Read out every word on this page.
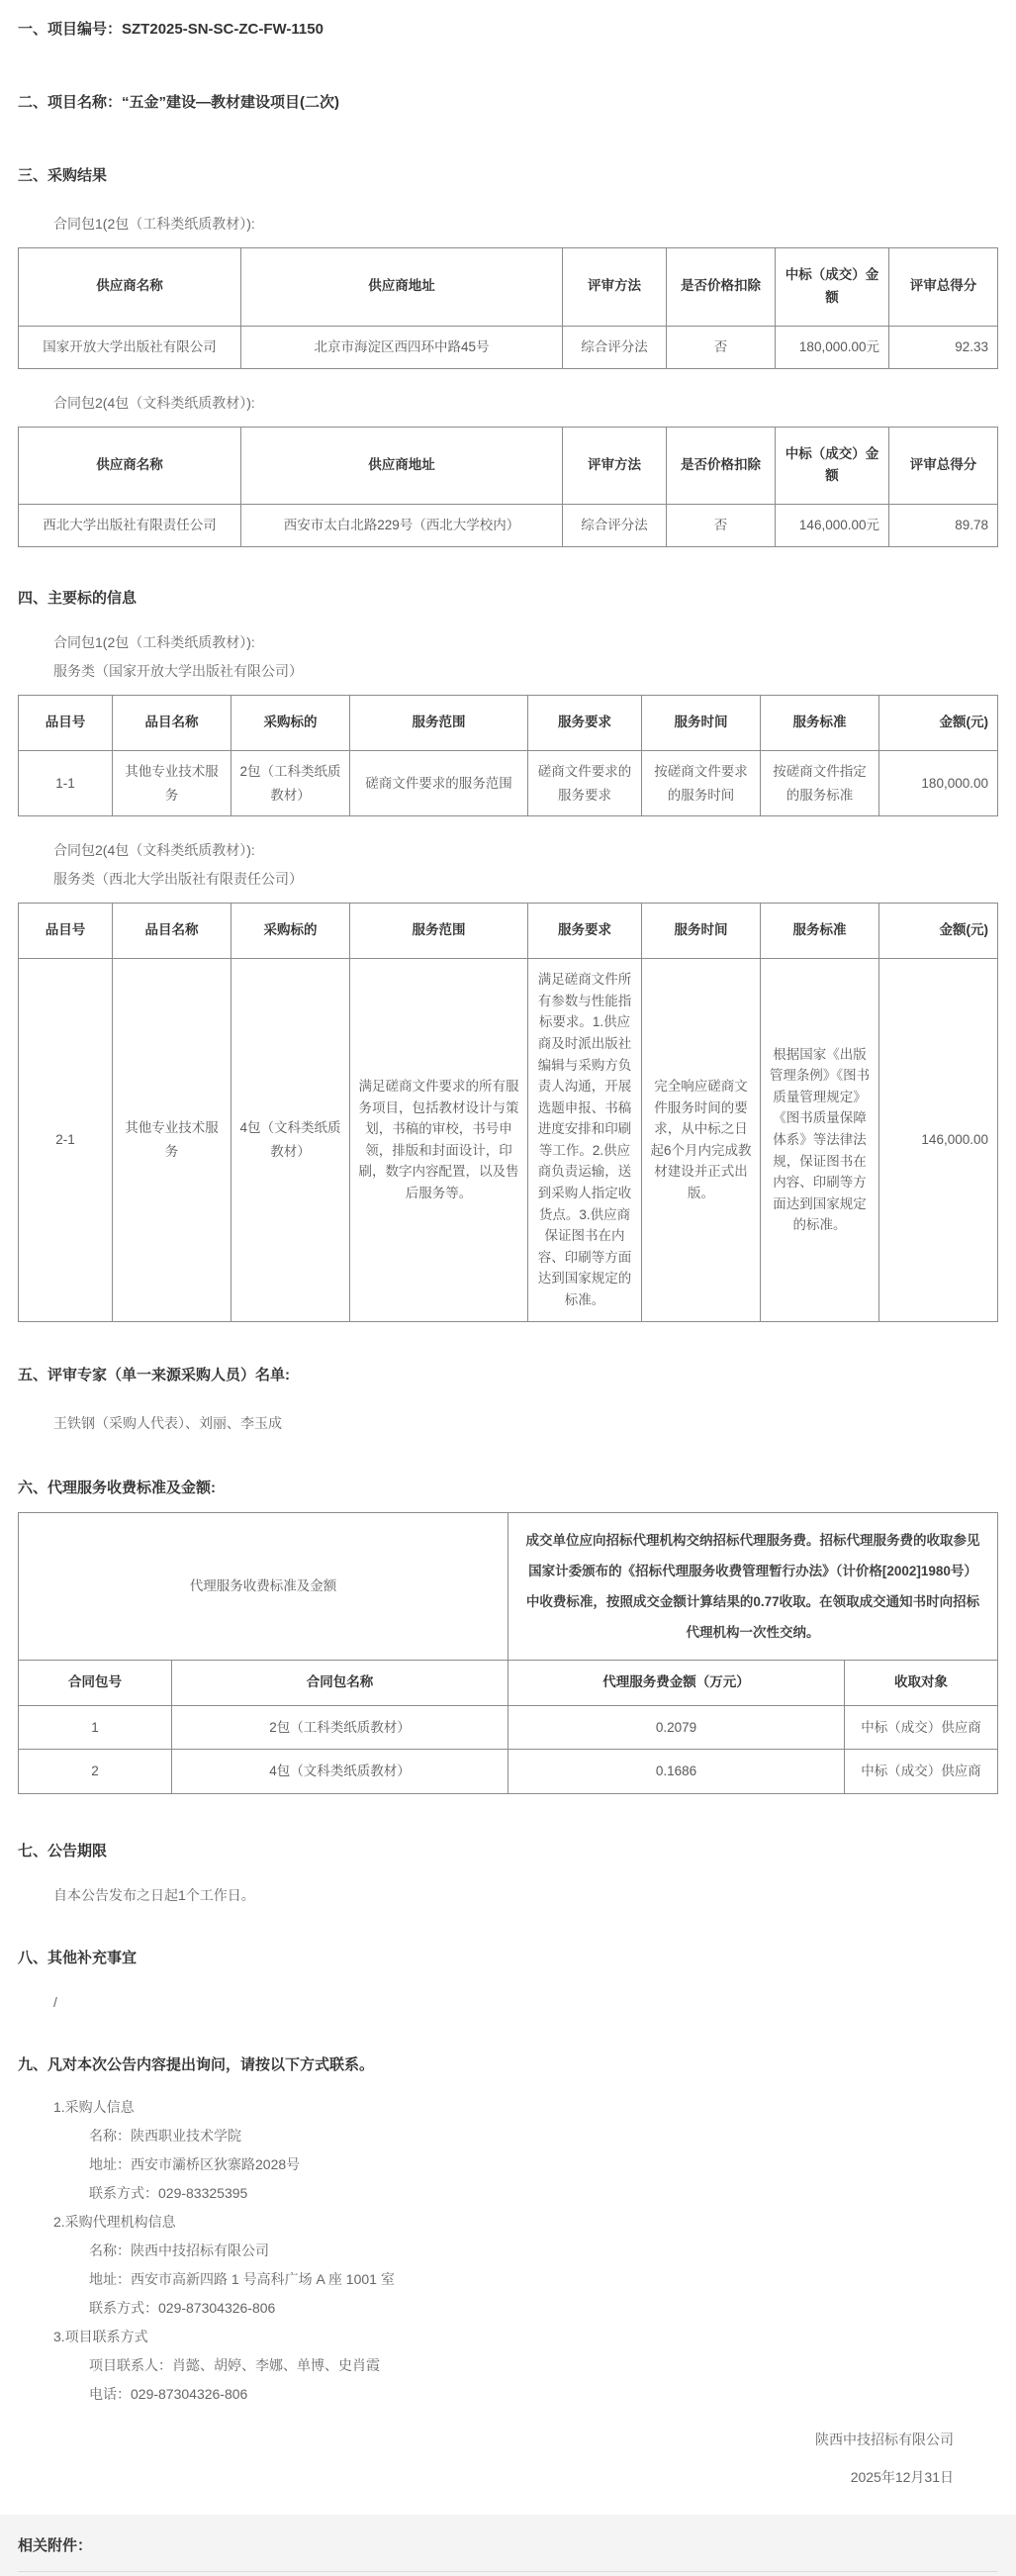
一、项目编号：SZT2025-SN-SC-ZC-FW-1150
二、项目名称：“五金”建设—教材建设项目(二次)
三、采购结果
合同包1(2包（工科类纸质教材）):
供应商名称	供应商地址	评审方法	是否价格扣除	中标（成交）金额	评审总得分
国家开放大学出版社有限公司	北京市海淀区西四环中路45号	综合评分法	否	180,000.00元	92.33
合同包2(4包（文科类纸质教材）):
供应商名称	供应商地址	评审方法	是否价格扣除	中标（成交）金额	评审总得分
西北大学出版社有限责任公司	西安市太白北路229号（西北大学校内）	综合评分法	否	146,000.00元	89.78
四、主要标的信息
合同包1(2包（工科类纸质教材）):
服务类（国家开放大学出版社有限公司）
品目号	品目名称	采购标的	服务范围	服务要求	服务时间	服务标准	金额(元)
1-1	其他专业技术服务	2包（工科类纸质教材）	磋商文件要求的服务范围	磋商文件要求的服务要求	按磋商文件要求的服务时间	按磋商文件指定的服务标准	180,000.00
合同包2(4包（文科类纸质教材）):
服务类（西北大学出版社有限责任公司）
品目号	品目名称	采购标的	服务范围	服务要求	服务时间	服务标准	金额(元)
2-1	其他专业技术服务	4包（文科类纸质教材）	满足磋商文件要求的所有服务项目，包括教材设计与策划，书稿的审校，书号申领，排版和封面设计，印刷，数字内容配置，以及售后服务等。	满足磋商文件所有参数与性能指标要求。1.供应商及时派出版社编辑与采购方负责人沟通，开展选题申报、书稿进度安排和印刷等工作。2.供应商负责运输，送到采购人指定收货点。3.供应商保证图书在内容、印刷等方面达到国家规定的标准。	完全响应磋商文件服务时间的要求，从中标之日起6个月内完成教材建设并正式出版。	根据国家《出版管理条例》《图书质量管理规定》《图书质量保障体系》等法律法规，保证图书在内容、印刷等方面达到国家规定的标准。	146,000.00
五、评审专家（单一来源采购人员）名单:
王铁钢（采购人代表）、刘丽、李玉成
六、代理服务收费标准及金额:
代理服务收费标准及金额		成交单位应向招标代理机构交纳招标代理服务费。招标代理服务费的收取参见国家计委颁布的《招标代理服务收费管理暂行办法》（计价格[2002]1980号）中收费标准，按照成交金额计算结果的0.77收取。在领取成交通知书时向招标代理机构一次性交纳。	
合同包号	合同包名称	代理服务费金额（万元）	收取对象
1	2包（工科类纸质教材）	0.2079	中标（成交）供应商
2	4包（文科类纸质教材）	0.1686	中标（成交）供应商
七、公告期限
自本公告发布之日起1个工作日。
八、其他补充事宜
/
九、凡对本次公告内容提出询问，请按以下方式联系。
1.采购人信息
名称：陕西职业技术学院
地址：西安市灞桥区狄寨路2028号
联系方式：029-83325395
2.采购代理机构信息
名称：陕西中技招标有限公司
地址：西安市高新四路 1 号高科广场 A 座 1001 室
联系方式：029-87304326-806
3.项目联系方式
项目联系人：肖懿、胡婷、李娜、单博、史肖霞
电话：029-87304326-806
陕西中技招标有限公司
2025年12月31日
相关附件：
